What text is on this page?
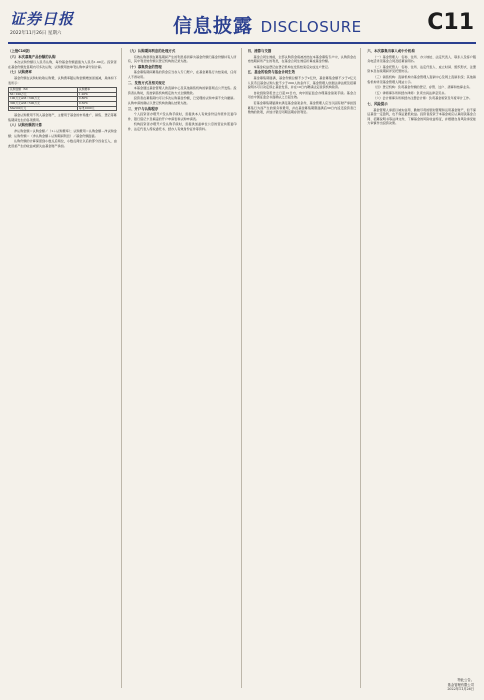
证券日报
2022年11月26日 星期六	信息披露 DISCLOSURE	C11
（上接C10版）
（六）本次募集产品份额的认购
本次认购份额以人民币认购，每份基金份额面值为人民币1.00元。投资者在基金份额发售期内可多次认购，认购费用按单笔认购申请分别计算。
（七）认购费率
基金份额在认购时收取认购费，认购费率随认购金额增加而递减，具体如下表所示：
认购金额（M）	认购费率
M＜100万元	1.20%
100万元≤M＜300万元	0.80%
300万元≤M＜500万元	0.50%
M≥500万元	每笔1000元
基金认购费用不列入基金财产，主要用于基金的市场推广、销售、登记等募集期间发生的各项费用。
（八）认购份额的计算
净认购金额＝认购金额／（1＋认购费率）；认购费用＝认购金额－净认购金额；认购份额＝（净认购金额＋认购期间利息）／基金份额面值。
认购份额的计算保留到小数点后两位，小数点两位以后的部分四舍五入，由此误差产生的收益或损失由基金财产承担。
（九）认购期间利息的处理方式
有效认购款项在募集期间产生的利息将折算为基金份额归基金份额持有人所有，其中利息转份额以登记机构的记录为准。
（十）募集资金的管理
基金募集期间募集的资金应当存入专门账户，在基金募集行为结束前，任何人不得动用。
二、发售方式及相关规定
本基金通过基金管理人的直销中心及其他销售机构的销售网点公开发售。投资者认购时，需按销售机构规定的方式全额缴款。
投资者在募集期内可以多次认购基金份额，已受理的认购申请不允许撤销。认购申请的确认以登记机构的确认结果为准。
三、开户与认购程序
个人投资者办理开户及认购手续时，需提供本人有效身份证件原件及复印件、银行借记卡及填妥的开户申请表和认购申请表。
机构投资者办理开户及认购手续时，需提供加盖单位公章的营业执照复印件、法定代表人授权委托书、经办人有效身份证件等资料。
四、清算与交割
基金合同生效前，全部认购资金将被冻结在本基金募集专户中，认购资金在冻结期间所产生的利息，在基金合同生效后折算成基金份额。
本基金权益登记由登记机构在发售结束后完成过户登记。
五、基金的验资与基金合同生效
基金募集期届满，基金份额总额不少于2亿份，基金募集金额不少于2亿元人民币且基金认购人数不少于200人的条件下，基金管理人依据法律法规及招募说明书可以决定停止基金发售，并在10日内聘请法定验资机构验资。
自收到验资报告之日起10日内，向中国证监会办理基金备案手续。基金合同自中国证监会书面确认之日起生效。
若基金募集期届满未满足基金备案条件，基金管理人应当以固有财产承担因募集行为而产生的债务和费用，并在基金募集期限届满后30日内返还投资者已缴纳的款项，并加计银行同期活期存款利息。
六、本次募集当事人或中介机构
（一）基金管理人：名称、住所、办公地址、法定代表人、联系人及客户服务电话详见基金合同及招募说明书。
（二）基金托管人：名称、住所、法定代表人、成立时间、组织形式、注册资本及存续期间详见托管协议。
（三）销售机构：直销机构为基金管理人直销中心及网上直销系统；其他销售机构详见基金管理人网站公示。
（四）登记机构：负责基金份额的登记、存管、过户、清算和结算业务。
（五）律师事务所和经办律师：负责出具法律意见书。
（六）会计师事务所和经办注册会计师：负责基金验资及年度审计工作。
七、风险提示
基金管理人承诺以诚实信用、勤勉尽责的原则管理和运用基金财产，但不保证基金一定盈利，也不保证最低收益。投资者投资于本基金前应认真阅读基金合同、招募说明书等法律文件，了解基金的风险收益特征，并根据自身风险承受能力审慎作出投资决策。
特此公告。
基金管理有限公司
2022年11月26日
